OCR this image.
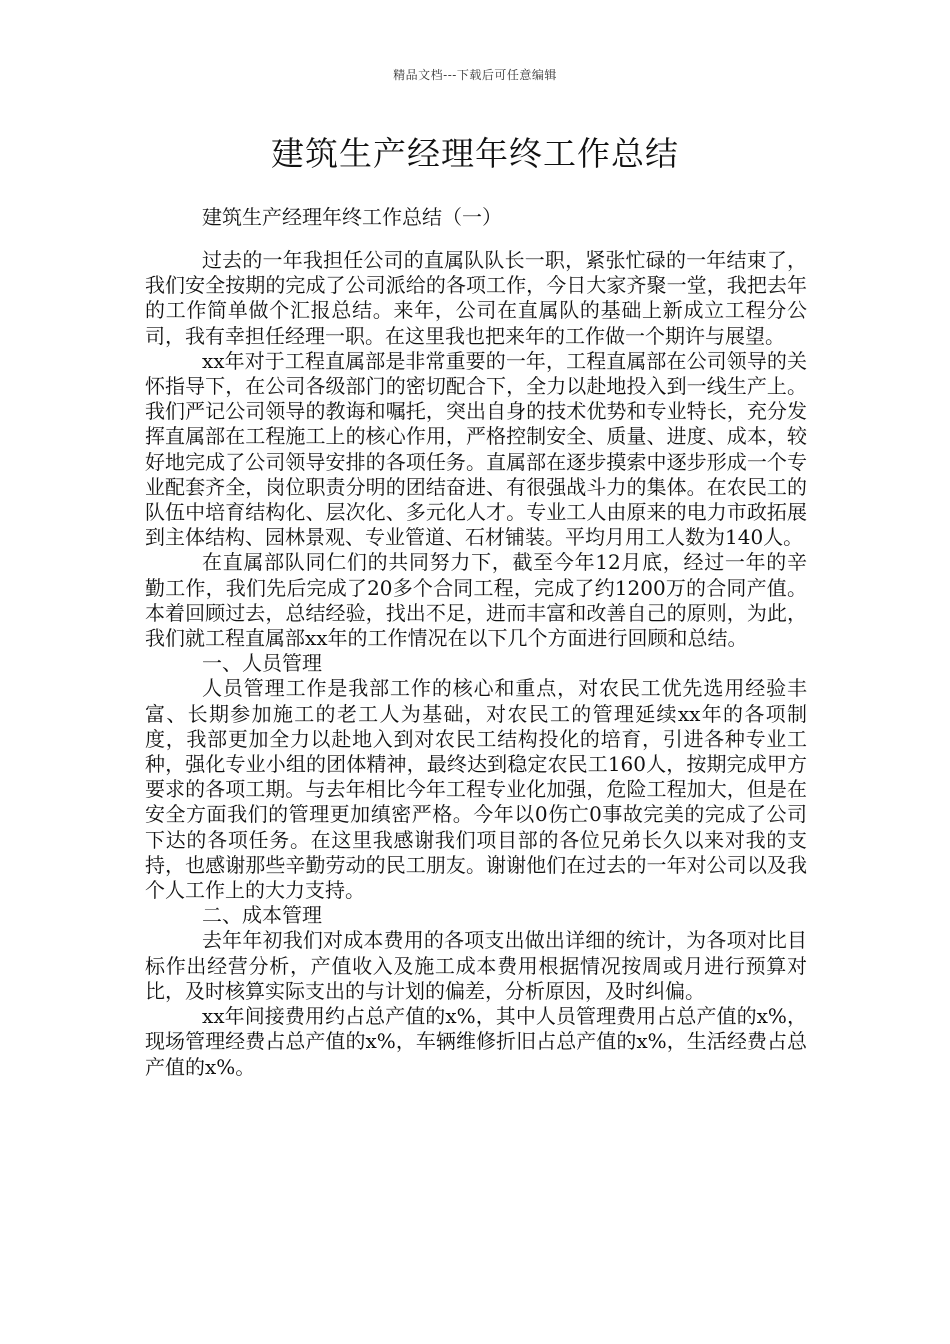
精品文档---下载后可任意编辑
建筑生产经理年终工作总结
建筑生产经理年终工作总结（一）

过去的一年我担任公司的直属队队长一职，紧张忙碌的一年结束了，我们安全按期的完成了公司派给的各项工作，今日大家齐聚一堂，我把去年的工作简单做个汇报总结。来年，公司在直属队的基础上新成立工程分公司，我有幸担任经理一职。在这里我也把来年的工作做一个期许与展望。

xx年对于工程直属部是非常重要的一年，工程直属部在公司领导的关怀指导下，在公司各级部门的密切配合下，全力以赴地投入到一线生产上。我们严记公司领导的教诲和嘱托，突出自身的技术优势和专业特长，充分发挥直属部在工程施工上的核心作用，严格控制安全、质量、进度、成本，较好地完成了公司领导安排的各项任务。直属部在逐步摸索中逐步形成一个专业配套齐全，岗位职责分明的团结奋进、有很强战斗力的集体。在农民工的队伍中培育结构化、层次化、多元化人才。专业工人由原来的电力市政拓展到主体结构、园林景观、专业管道、石材铺装。平均月用工人数为140人。

在直属部队同仁们的共同努力下，截至今年12月底，经过一年的辛勤工作，我们先后完成了20多个合同工程，完成了约1200万的合同产值。本着回顾过去，总结经验，找出不足，进而丰富和改善自己的原则，为此，我们就工程直属部xx年的工作情况在以下几个方面进行回顾和总结。

一、人员管理

人员管理工作是我部工作的核心和重点，对农民工优先选用经验丰富、长期参加施工的老工人为基础，对农民工的管理延续xx年的各项制度，我部更加全力以赴地入到对农民工结构投化的培育，引进各种专业工种，强化专业小组的团体精神，最终达到稳定农民工160人，按期完成甲方要求的各项工期。与去年相比今年工程专业化加强，危险工程加大，但是在安全方面我们的管理更加缜密严格。今年以0伤亡0事故完美的完成了公司下达的各项任务。在这里我感谢我们项目部的各位兄弟长久以来对我的支持，也感谢那些辛勤劳动的民工朋友。谢谢他们在过去的一年对公司以及我个人工作上的大力支持。

二、成本管理

去年年初我们对成本费用的各项支出做出详细的统计，为各项对比目标作出经营分析，产值收入及施工成本费用根据情况按周或月进行预算对比，及时核算实际支出的与计划的偏差，分析原因，及时纠偏。

xx年间接费用约占总产值的x%，其中人员管理费用占总产值的x%，现场管理经费占总产值的x%，车辆维修折旧占总产值的x%，生活经费占总产值的x%。
